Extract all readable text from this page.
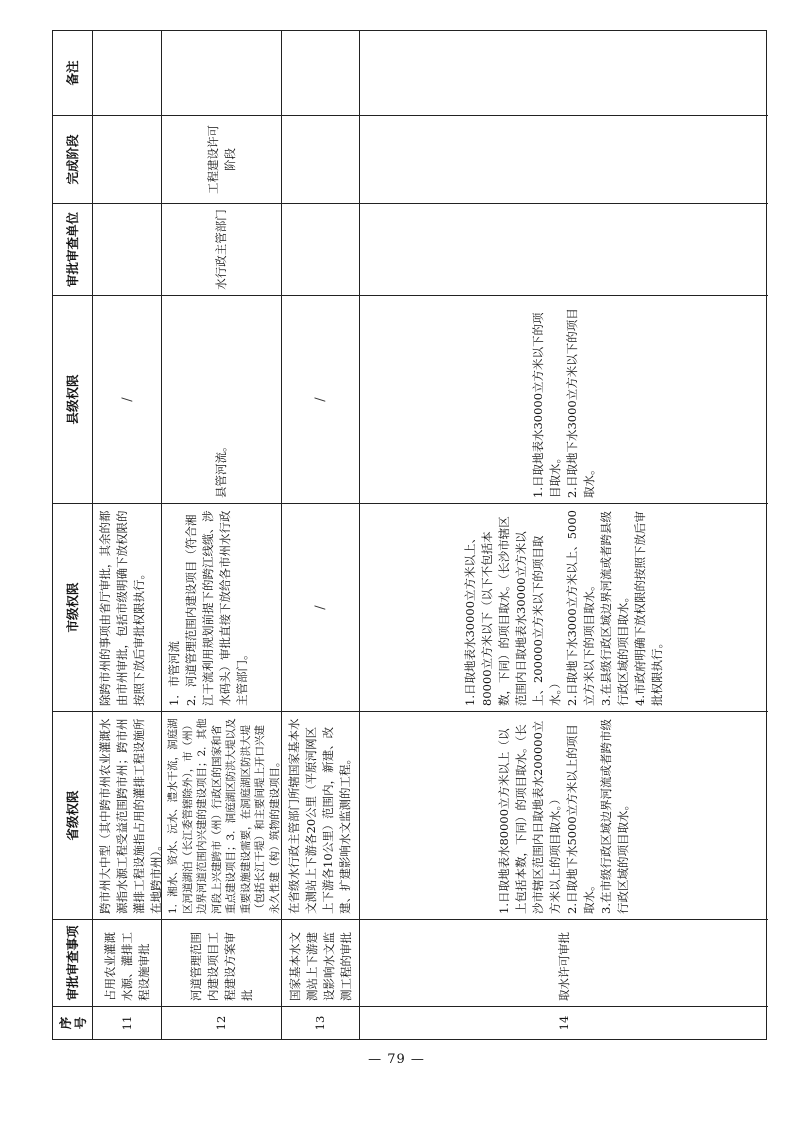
序号
审批审查事项
省级权限
市级权限
县级权限
审批审查单位
完成阶段
备注
11
占用农业灌溉水源、灌排工程设施审批
跨市州大中型（其中跨市州农业灌溉水源指水源工程受益范围跨市州；跨市州灌排工程设施指占用的灌排工程设施所在地跨市州）。
除跨市州的事项由省厅审批，其余的都由市州审批，包括市级明确下放权限的按照下放后审批权限执行。
/
12
河道管理范围内建设项目工程建设方案审批
1．湘水、资水、沅水、澧水干流，洞庭湖区河道湖泊（长江委管辖除外），市（州）边界河道范围内兴建的建设项目；2．其他河段上兴建跨市（州）行政区的国家和省重点建设项目；3．洞庭湖区防洪大堤以及重要设施建设需要，在洞庭湖区防洪大堤（包括长江干堤）和主要间堤上开口兴建永久性建（构）筑物的建设项目。
1．市管河流
2．河道管理范围内建设项目（符合湘江干流利用规划前提下的跨江线缆、涉水码头）审批直接下放给各市州水行政主管部门。
县管河流。
水行政主管部门
工程建设许可阶段
13
国家基本水文测站上下游建设影响水文监测工程的审批
在省级水行政主管部门所辖国家基本水文测站上下游各20公里（平原河网区上下游各10公里）范围内，新建、改建、扩建影响水文监测的工程。
/
/
14
取水许可审批
1.日取地表水80000立方米以上（以上包括本数，下同）的项目取水。（长沙市辖区范围内日取地表水200000立方米以上的项目取水。）
2.日取地下水5000立方米以上的项目取水。
3.在市级行政区域边界河流或者跨市级行政区域的项目取水。
1.日取地表水30000立方米以上、80000立方米以下（以下不包括本数，下同）的项目取水。（长沙市辖区范围内日取地表水30000立方米以上、200000立方米以下的项目取水。）
2.日取地下水3000立方米以上、5000立方米以下的项目取水。
3.在县级行政区域边界河流或者跨县级行政区域的项目取水。
4.市政府明确下放权限的按照下放后审批权限执行。
1.日取地表水30000立方米以下的项目取水。
2.日取地下水3000立方米以下的项目取水。
— 79 —
